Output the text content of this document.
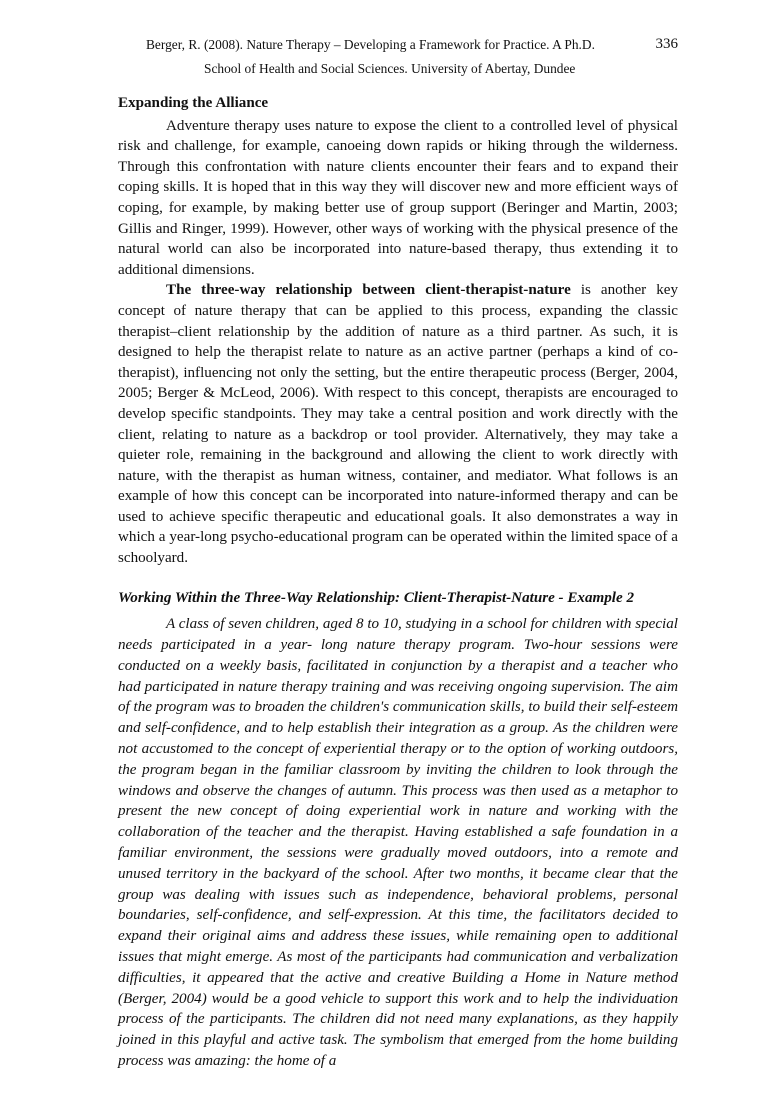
Berger, R. (2008). Nature Therapy – Developing a Framework for Practice. A Ph.D.	336
School of Health and Social Sciences. University of Abertay, Dundee
Expanding the Alliance

Adventure therapy uses nature to expose the client to a controlled level of physical risk and challenge, for example, canoeing down rapids or hiking through the wilderness. Through this confrontation with nature clients encounter their fears and to expand their coping skills. It is hoped that in this way they will discover new and more efficient ways of coping, for example, by making better use of group support (Beringer and Martin, 2003; Gillis and Ringer, 1999). However, other ways of working with the physical presence of the natural world can also be incorporated into nature-based therapy, thus extending it to additional dimensions.

The three-way relationship between client-therapist-nature is another key concept of nature therapy that can be applied to this process, expanding the classic therapist–client relationship by the addition of nature as a third partner. As such, it is designed to help the therapist relate to nature as an active partner (perhaps a kind of co-therapist), influencing not only the setting, but the entire therapeutic process (Berger, 2004, 2005; Berger & McLeod, 2006). With respect to this concept, therapists are encouraged to develop specific standpoints. They may take a central position and work directly with the client, relating to nature as a backdrop or tool provider. Alternatively, they may take a quieter role, remaining in the background and allowing the client to work directly with nature, with the therapist as human witness, container, and mediator. What follows is an example of how this concept can be incorporated into nature-informed therapy and can be used to achieve specific therapeutic and educational goals. It also demonstrates a way in which a year-long psycho-educational program can be operated within the limited space of a schoolyard.

Working Within the Three-Way Relationship: Client-Therapist-Nature - Example 2

A class of seven children, aged 8 to 10, studying in a school for children with special needs participated in a year- long nature therapy program. Two-hour sessions were conducted on a weekly basis, facilitated in conjunction by a therapist and a teacher who had participated in nature therapy training and was receiving ongoing supervision. The aim of the program was to broaden the children's communication skills, to build their self-esteem and self-confidence, and to help establish their integration as a group. As the children were not accustomed to the concept of experiential therapy or to the option of working outdoors, the program began in the familiar classroom by inviting the children to look through the windows and observe the changes of autumn. This process was then used as a metaphor to present the new concept of doing experiential work in nature and working with the collaboration of the teacher and the therapist. Having established a safe foundation in a familiar environment, the sessions were gradually moved outdoors, into a remote and unused territory in the backyard of the school. After two months, it became clear that the group was dealing with issues such as independence, behavioral problems, personal boundaries, self-confidence, and self-expression. At this time, the facilitators decided to expand their original aims and address these issues, while remaining open to additional issues that might emerge. As most of the participants had communication and verbalization difficulties, it appeared that the active and creative Building a Home in Nature method (Berger, 2004) would be a good vehicle to support this work and to help the individuation process of the participants. The children did not need many explanations, as they happily joined in this playful and active task. The symbolism that emerged from the home building process was amazing: the home of a
